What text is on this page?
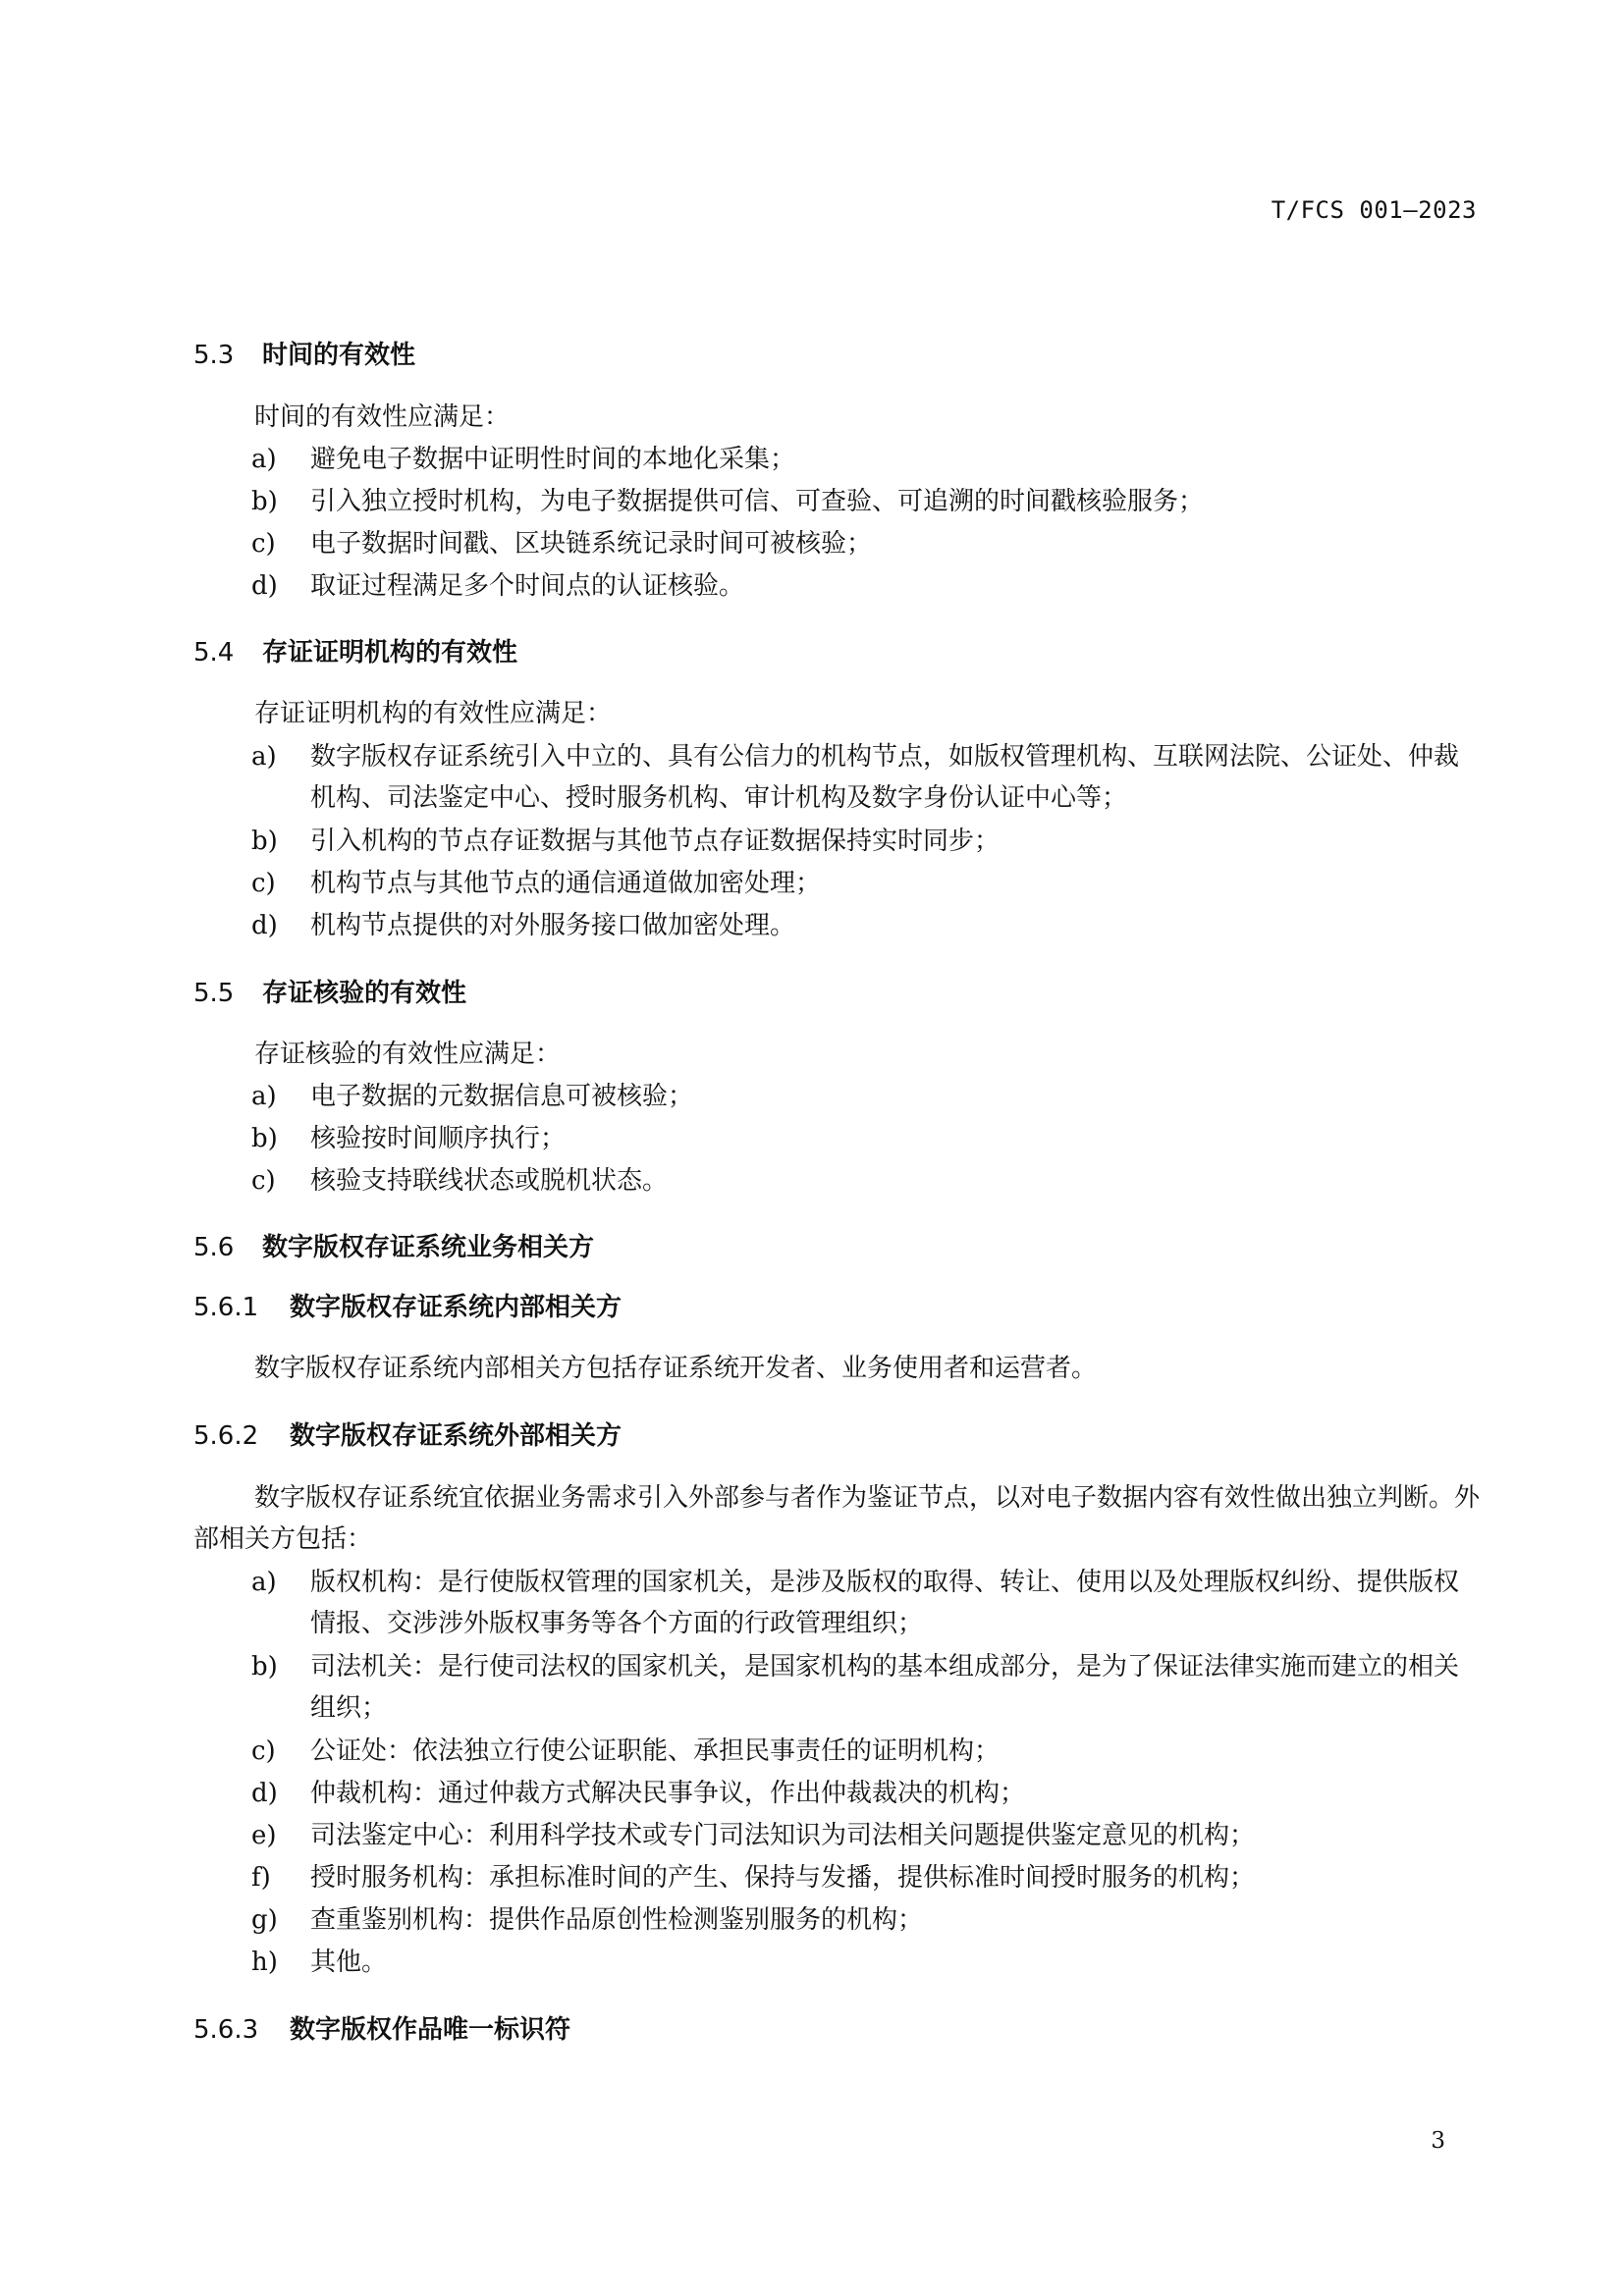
T/FCS 001—2023
5.3 时间的有效性
时间的有效性应满足：
a) 避免电子数据中证明性时间的本地化采集；
b) 引入独立授时机构，为电子数据提供可信、可查验、可追溯的时间戳核验服务；
c) 电子数据时间戳、区块链系统记录时间可被核验；
d) 取证过程满足多个时间点的认证核验。
5.4 存证证明机构的有效性
存证证明机构的有效性应满足：
a) 数字版权存证系统引入中立的、具有公信力的机构节点，如版权管理机构、互联网法院、公证处、仲裁机构、司法鉴定中心、授时服务机构、审计机构及数字身份认证中心等；
b) 引入机构的节点存证数据与其他节点存证数据保持实时同步；
c) 机构节点与其他节点的通信通道做加密处理；
d) 机构节点提供的对外服务接口做加密处理。
5.5 存证核验的有效性
存证核验的有效性应满足：
a) 电子数据的元数据信息可被核验；
b) 核验按时间顺序执行；
c) 核验支持联线状态或脱机状态。
5.6 数字版权存证系统业务相关方
5.6.1 数字版权存证系统内部相关方
数字版权存证系统内部相关方包括存证系统开发者、业务使用者和运营者。
5.6.2 数字版权存证系统外部相关方
数字版权存证系统宜依据业务需求引入外部参与者作为鉴证节点，以对电子数据内容有效性做出独立判断。外部相关方包括：
a) 版权机构：是行使版权管理的国家机关，是涉及版权的取得、转让、使用以及处理版权纠纷、提供版权情报、交涉涉外版权事务等各个方面的行政管理组织；
b) 司法机关：是行使司法权的国家机关，是国家机构的基本组成部分，是为了保证法律实施而建立的相关组织；
c) 公证处：依法独立行使公证职能、承担民事责任的证明机构；
d) 仲裁机构：通过仲裁方式解决民事争议，作出仲裁裁决的机构；
e) 司法鉴定中心：利用科学技术或专门司法知识为司法相关问题提供鉴定意见的机构；
f) 授时服务机构：承担标准时间的产生、保持与发播，提供标准时间授时服务的机构；
g) 查重鉴别机构：提供作品原创性检测鉴别服务的机构；
h) 其他。
5.6.3 数字版权作品唯一标识符
3
